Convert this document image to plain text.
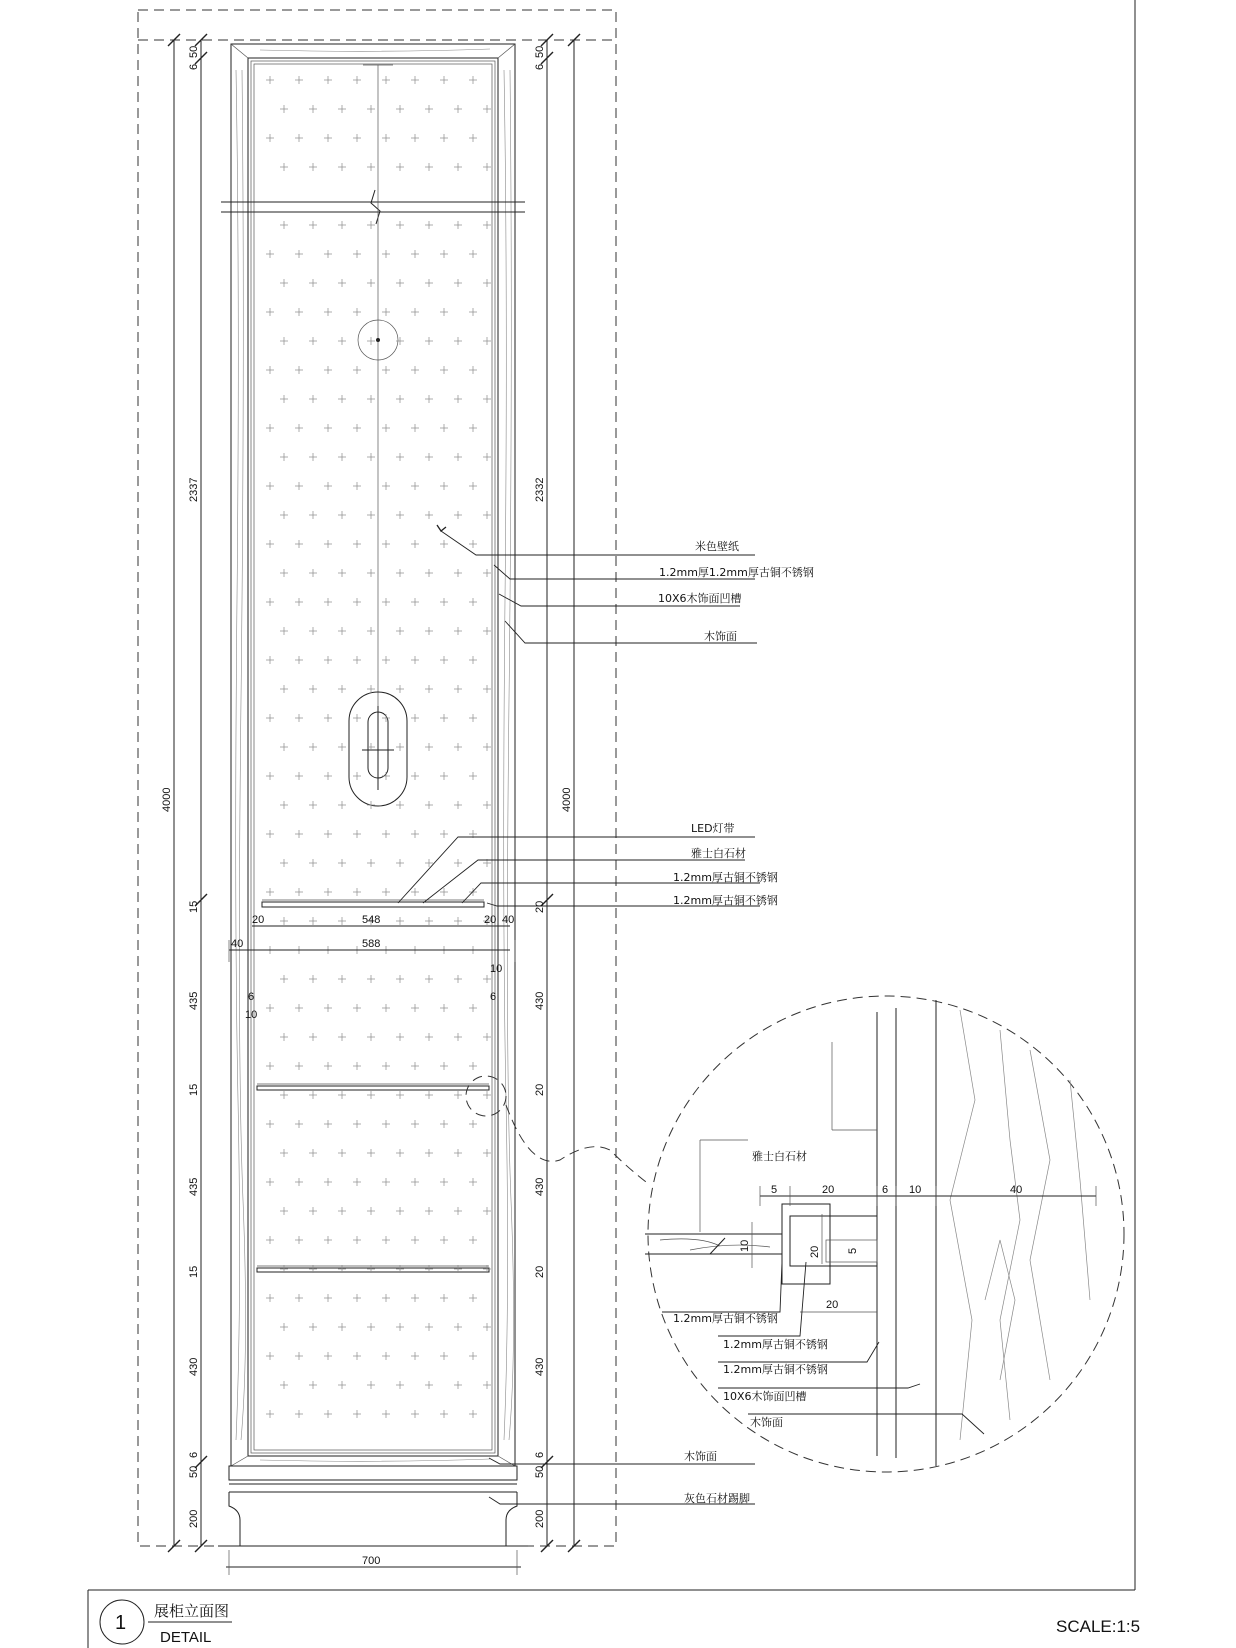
米色壁纸
1.2mm厚1.2mm厚古铜不锈钢
10X6木饰面凹槽
木饰面
LED灯带
雅士白石材
1.2mm厚古铜不锈钢
1.2mm厚古铜不锈钢
木饰面
灰色石材踢脚
雅士白石材
1.2mm厚古铜不锈钢
1.2mm厚古铜不锈钢
1.2mm厚古铜不锈钢
10X6木饰面凹槽
木饰面
4000
6
50
2337
15
435
15
435
15
430
6
50
200
6
50
2332
20
430
20
430
20
430
6
50
200
4000
20	548	20 40
40	588
700
10
6
6
10
5	20	6 10	40
10	20 5
20
1
展柜立面图
DETAIL
SCALE:1:5
